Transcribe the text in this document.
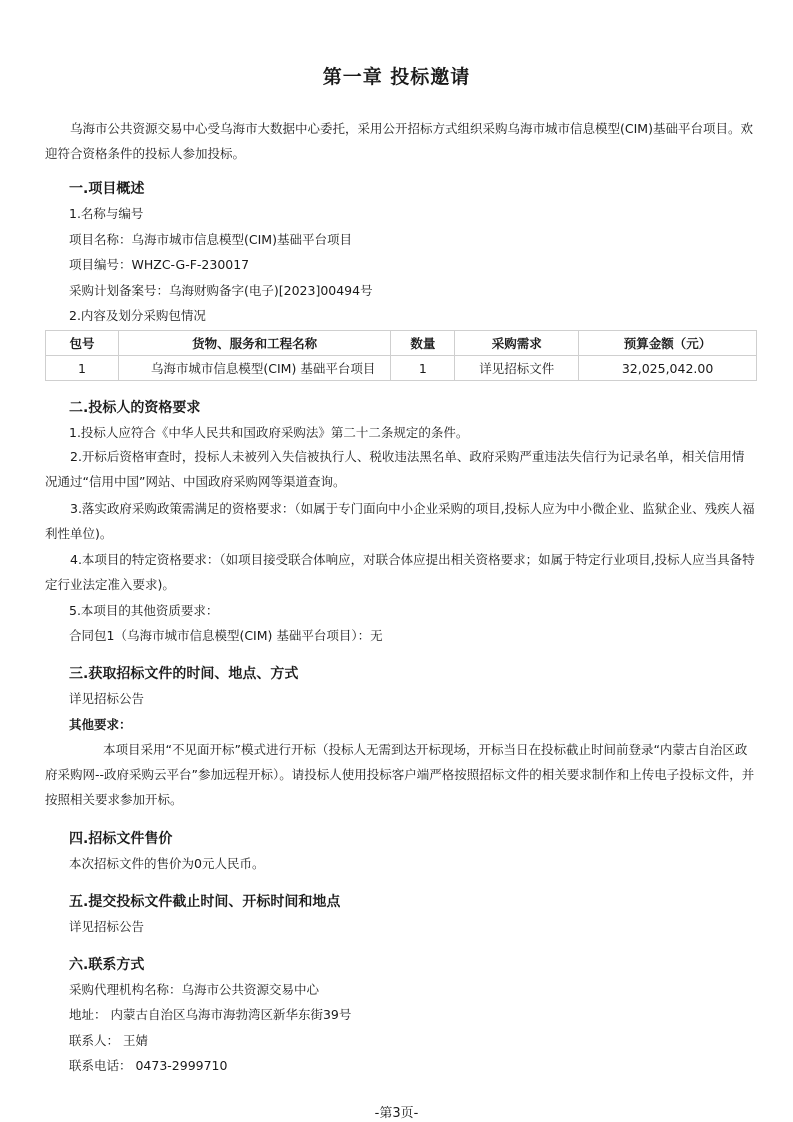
第一章 投标邀请
乌海市公共资源交易中心受乌海市大数据中心委托，采用公开招标方式组织采购乌海市城市信息模型(CIM)基础平台项目。欢迎符合资格条件的投标人参加投标。
一.项目概述
1.名称与编号
项目名称：乌海市城市信息模型(CIM)基础平台项目
项目编号：WHZC-G-F-230017
采购计划备案号：乌海财购备字(电子)[2023]00494号
2.内容及划分采购包情况
包号	货物、服务和工程名称	数量	采购需求	预算金额（元）
1	乌海市城市信息模型(CIM) 基础平台项目	1	详见招标文件	32,025,042.00
二.投标人的资格要求
1.投标人应符合《中华人民共和国政府采购法》第二十二条规定的条件。
2.开标后资格审查时，投标人未被列入失信被执行人、税收违法黑名单、政府采购严重违法失信行为记录名单，相关信用情况通过“信用中国”网站、中国政府采购网等渠道查询。
3.落实政府采购政策需满足的资格要求：（如属于专门面向中小企业采购的项目,投标人应为中小微企业、监狱企业、残疾人福利性单位)。
4.本项目的特定资格要求：（如项目接受联合体响应，对联合体应提出相关资格要求；如属于特定行业项目,投标人应当具备特定行业法定准入要求)。
5.本项目的其他资质要求：
合同包1（乌海市城市信息模型(CIM) 基础平台项目）：无
三.获取招标文件的时间、地点、方式
详见招标公告
其他要求：
本项目采用“不见面开标”模式进行开标（投标人无需到达开标现场，开标当日在投标截止时间前登录“内蒙古自治区政府采购网--政府采购云平台”参加远程开标）。请投标人使用投标客户端严格按照招标文件的相关要求制作和上传电子投标文件，并按照相关要求参加开标。
四.招标文件售价
本次招标文件的售价为0元人民币。
五.提交投标文件截止时间、开标时间和地点
详见招标公告
六.联系方式
采购代理机构名称：乌海市公共资源交易中心
地址： 内蒙古自治区乌海市海勃湾区新华东街39号
联系人： 王婧
联系电话： 0473-2999710
-第3页-
